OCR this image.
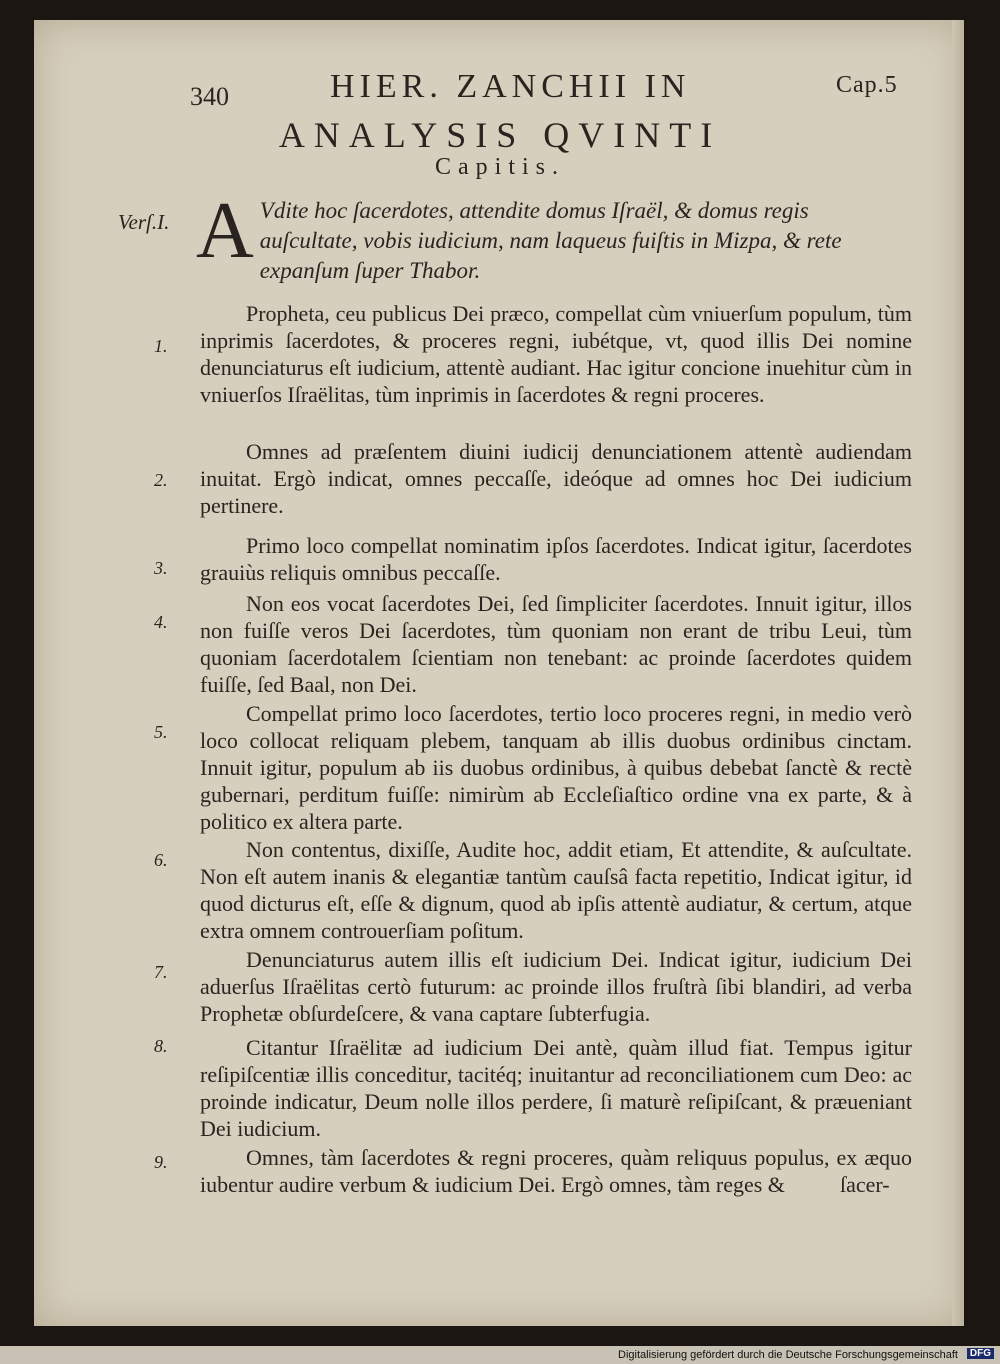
340	HIER. ZANCHII IN	Cap.5
ANALYSIS QVINTI
Capitis.
Verſ.I. A Vdite hoc ſacerdotes, attendite domus Iſraël, & domus regis auſcultate, vobis iudicium, nam laqueus fuiſtis in Mizpa, & rete expanſum ſuper Thabor.
1.

Propheta, ceu publicus Dei præco, compellat cùm vniuerſum populum, tùm inprimis ſacerdotes, & proceres regni, iubétque, vt, quod illis Dei nomine denunciaturus eſt iudicium, attentè audiant. Hac igitur concione inuehitur cùm in vniuerſos Iſraëlitas, tùm inprimis in ſacerdotes & regni proceres.

2.

Omnes ad præſentem diuini iudicij denunciationem attentè audiendam inuitat. Ergò indicat, omnes peccaſſe, ideóque ad omnes hoc Dei iudicium pertinere.

3.

Primo loco compellat nominatim ipſos ſacerdotes. Indicat igitur, ſacerdotes grauiùs reliquis omnibus peccaſſe.

4.

Non eos vocat ſacerdotes Dei, ſed ſimpliciter ſacerdotes. Innuit igitur, illos non fuiſſe veros Dei ſacerdotes, tùm quoniam non erant de tribu Leui, tùm quoniam ſacerdotalem ſcientiam non tenebant: ac proinde ſacerdotes quidem fuiſſe, ſed Baal, non Dei.

5.

Compellat primo loco ſacerdotes, tertio loco proceres regni, in medio verò loco collocat reliquam plebem, tanquam ab illis duobus ordinibus cinctam. Innuit igitur, populum ab iis duobus ordinibus, à quibus debebat ſanctè & rectè gubernari, perditum fuiſſe: nimirùm ab Eccleſiaſtico ordine vna ex parte, & à politico ex altera parte.

6.	Non contentus, dixiſſe, Audite hoc, addit etiam, Et attendite, & auſcultate. Non eſt autem inanis & elegantiæ tantùm cauſsâ facta repetitio, Indicat igitur, id quod dicturus eſt, eſſe & dignum, quod ab ipſis attentè audiatur, & certum, atque extra omnem controuerſiam poſitum.

7.	Denunciaturus autem illis eſt iudicium Dei. Indicat igitur, iudicium Dei aduerſus Iſraëlitas certò futurum: ac proinde illos fruſtrà ſibi blandiri, ad verba Prophetæ obſurdeſcere, & vana captare ſubterfugia.

8.	Citantur Iſraëlitæ ad iudicium Dei antè, quàm illud fiat. Tempus igitur reſipiſcentiæ illis conceditur, tacitéq; inuitantur ad reconciliationem cum Deo: ac proinde indicatur, Deum nolle illos perdere, ſi maturè reſipiſcant, & præueniant Dei iudicium.

9.	Omnes, tàm ſacerdotes & regni proceres, quàm reliquus populus, ex æquo iubentur audire verbum & iudicium Dei. Ergò omnes, tàm reges &	ſacer-
Digitalisierung gefördert durch die Deutsche Forschungsgemeinschaft	DFG
